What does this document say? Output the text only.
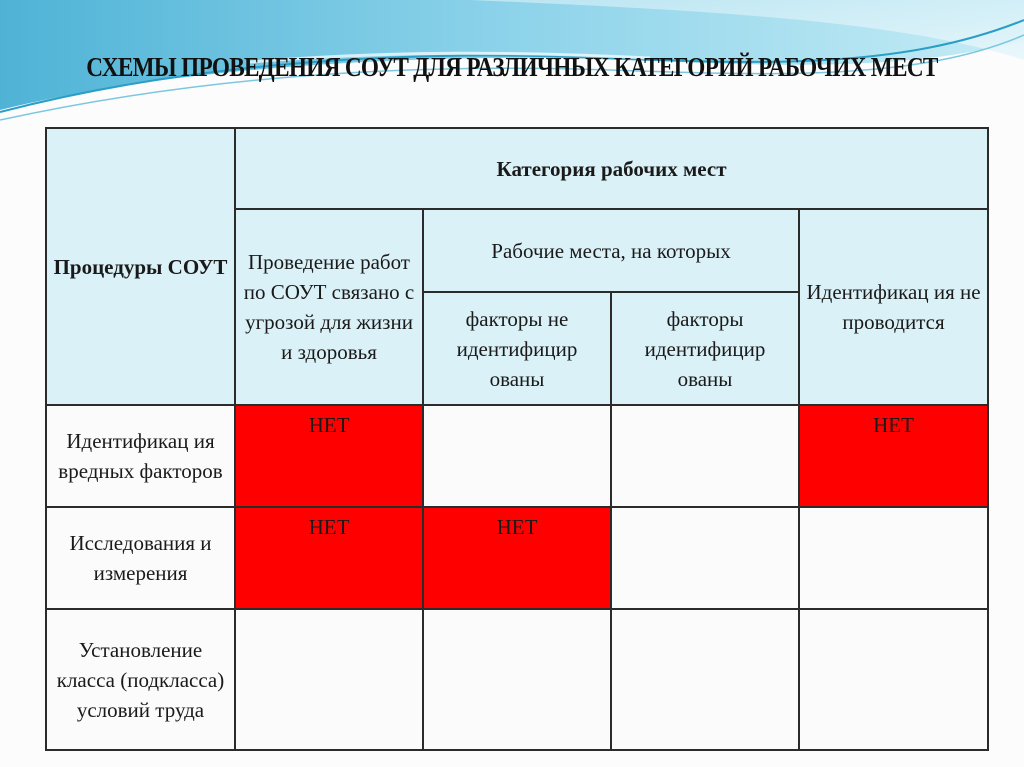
СХЕМЫ ПРОВЕДЕНИЯ СОУТ ДЛЯ РАЗЛИЧНЫХ КАТЕГОРИЙ РАБОЧИХ МЕСТ
Процедуры СОУТ	Категория рабочих мест			
	Проведение работ по СОУТ связано с угрозой для жизни и здоровья	Рабочие места, на которых		Идентификац ия не проводится
		факторы не идентифицир ованы	факторы идентифицир ованы	
Идентификац ия вредных факторов	НЕТ			НЕТ
Исследования и измерения	НЕТ	НЕТ		
Установление класса (подкласса) условий труда				
